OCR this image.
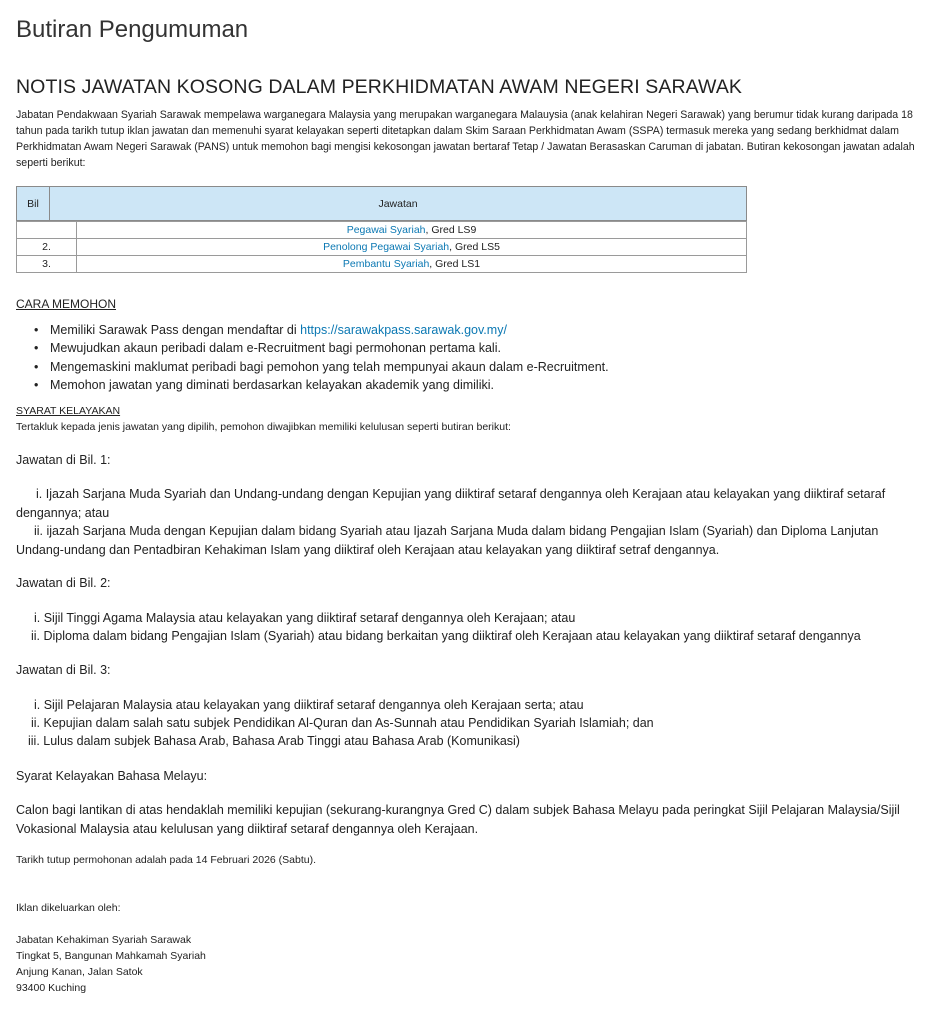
Butiran Pengumuman
NOTIS JAWATAN KOSONG DALAM PERKHIDMATAN AWAM NEGERI SARAWAK

Jabatan Pendakwaan Syariah Sarawak mempelawa warganegara Malaysia yang merupakan warganegara Malauysia (anak kelahiran Negeri Sarawak) yang berumur tidak kurang daripada 18 tahun pada tarikh tutup iklan jawatan dan memenuhi syarat kelayakan seperti ditetapkan dalam Skim Saraan Perkhidmatan Awam (SSPA) termasuk mereka yang sedang berkhidmat dalam Perkhidmatan Awam Negeri Sarawak (PANS) untuk memohon bagi mengisi kekosongan jawatan bertaraf Tetap / Jawatan Berasaskan Caruman di jabatan. Butiran kekosongan jawatan adalah seperti berikut:

Bil	Jawatan
	Pegawai Syariah, Gred LS9
2.	Penolong Pegawai Syariah, Gred LS5
3.	Pembantu Syariah, Gred LS1
CARA MEMOHON
• Memiliki Sarawak Pass dengan mendaftar di https://sarawakpass.sarawak.gov.my/
• Mewujudkan akaun peribadi dalam e-Recruitment bagi permohonan pertama kali.
• Mengemaskini maklumat peribadi bagi pemohon yang telah mempunyai akaun dalam e-Recruitment.
• Memohon jawatan yang diminati berdasarkan kelayakan akademik yang dimiliki.
SYARAT KELAYAKAN
Tertakluk kepada jenis jawatan yang dipilih, pemohon diwajibkan memiliki kelulusan seperti butiran berikut:
Jawatan di Bil. 1:
i. Ijazah Sarjana Muda Syariah dan Undang-undang dengan Kepujian yang diiktiraf setaraf dengannya oleh Kerajaan atau kelayakan yang diiktiraf setaraf dengannya; atau
ii. ijazah Sarjana Muda dengan Kepujian dalam bidang Syariah atau Ijazah Sarjana Muda dalam bidang Pengajian Islam (Syariah) dan Diploma Lanjutan Undang-undang dan Pentadbiran Kehakiman Islam yang diiktiraf oleh Kerajaan atau kelayakan yang diiktiraf setraf dengannya.
Jawatan di Bil. 2:
i. Sijil Tinggi Agama Malaysia atau kelayakan yang diiktiraf setaraf dengannya oleh Kerajaan; atau
ii. Diploma dalam bidang Pengajian Islam (Syariah) atau bidang berkaitan yang diiktiraf oleh Kerajaan atau kelayakan yang diiktiraf setaraf dengannya
Jawatan di Bil. 3:
i. Sijil Pelajaran Malaysia atau kelayakan yang diiktiraf setaraf dengannya oleh Kerajaan serta; atau
ii. Kepujian dalam salah satu subjek Pendidikan Al-Quran dan As-Sunnah atau Pendidikan Syariah Islamiah; dan
iii. Lulus dalam subjek Bahasa Arab, Bahasa Arab Tinggi atau Bahasa Arab (Komunikasi)
Syarat Kelayakan Bahasa Melayu:
Calon bagi lantikan di atas hendaklah memiliki kepujian (sekurang-kurangnya Gred C) dalam subjek Bahasa Melayu pada peringkat Sijil Pelajaran Malaysia/Sijil Vokasional Malaysia atau kelulusan yang diiktiraf setaraf dengannya oleh Kerajaan.
Tarikh tutup permohonan adalah pada 14 Februari 2026 (Sabtu).
Iklan dikeluarkan oleh:
Jabatan Kehakiman Syariah Sarawak
Tingkat 5, Bangunan Mahkamah Syariah
Anjung Kanan, Jalan Satok
93400 Kuching
